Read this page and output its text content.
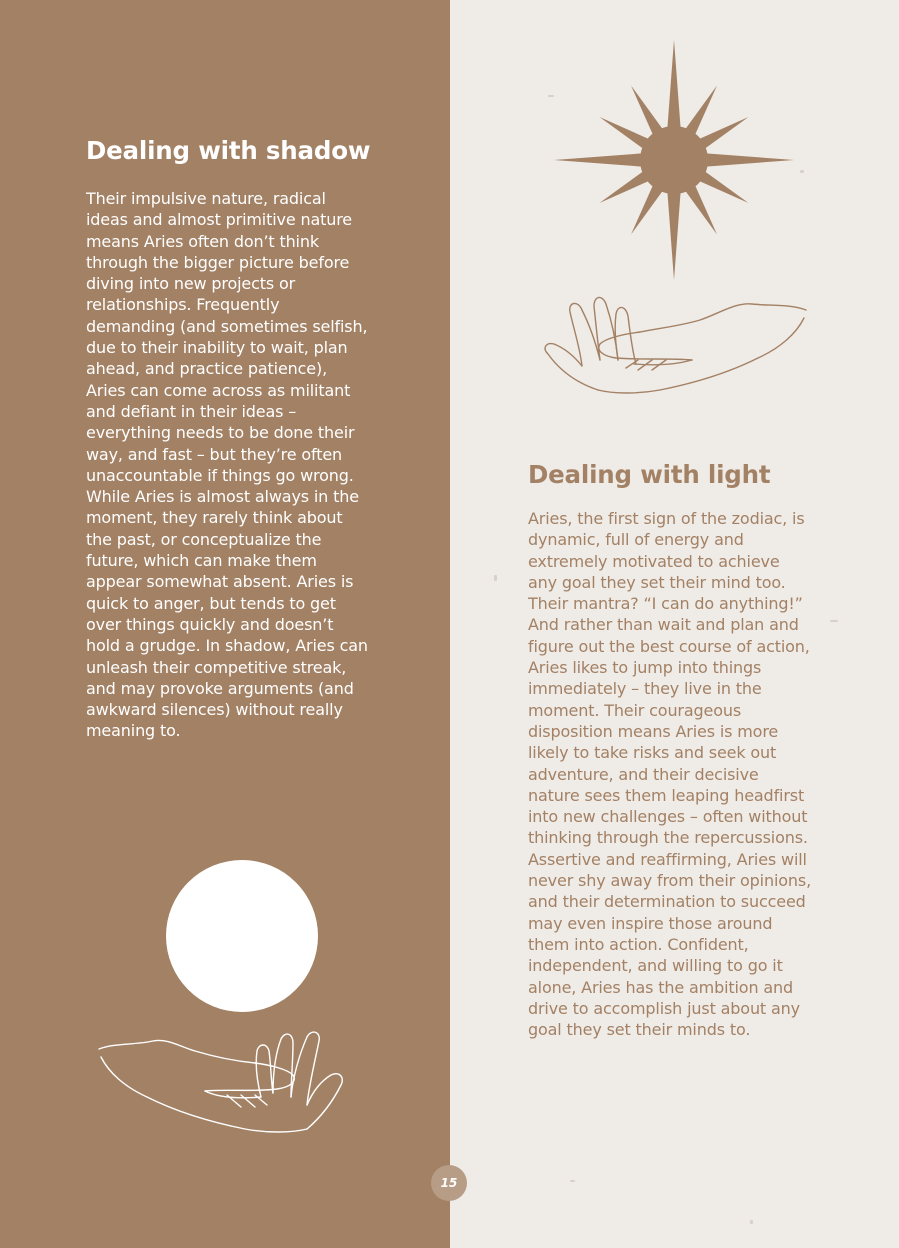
Dealing with shadow

Their impulsive nature, radical ideas and almost primitive nature means Aries often don’t think through the bigger picture before diving into new projects or relationships. Frequently demanding (and sometimes selfish, due to their inability to wait, plan ahead, and practice patience), Aries can come across as militant and defiant in their ideas – everything needs to be done their way, and fast – but they’re often unaccountable if things go wrong. While Aries is almost always in the moment, they rarely think about the past, or conceptualize the future, which can make them appear somewhat absent. Aries is quick to anger, but tends to get over things quickly and doesn’t hold a grudge. In shadow, Aries can unleash their competitive streak, and may provoke arguments (and awkward silences) without really meaning to.

Dealing with light

Aries, the first sign of the zodiac, is dynamic, full of energy and extremely motivated to achieve any goal they set their mind too. Their mantra? “I can do anything!” And rather than wait and plan and figure out the best course of action, Aries likes to jump into things immediately – they live in the moment. Their courageous disposition means Aries is more likely to take risks and seek out adventure, and their decisive nature sees them leaping headfirst into new challenges – often without thinking through the repercussions. Assertive and reaffirming, Aries will never shy away from their opinions, and their determination to succeed may even inspire those around them into action. Confident, independent, and willing to go it alone, Aries has the ambition and drive to accomplish just about any goal they set their minds to.

15
